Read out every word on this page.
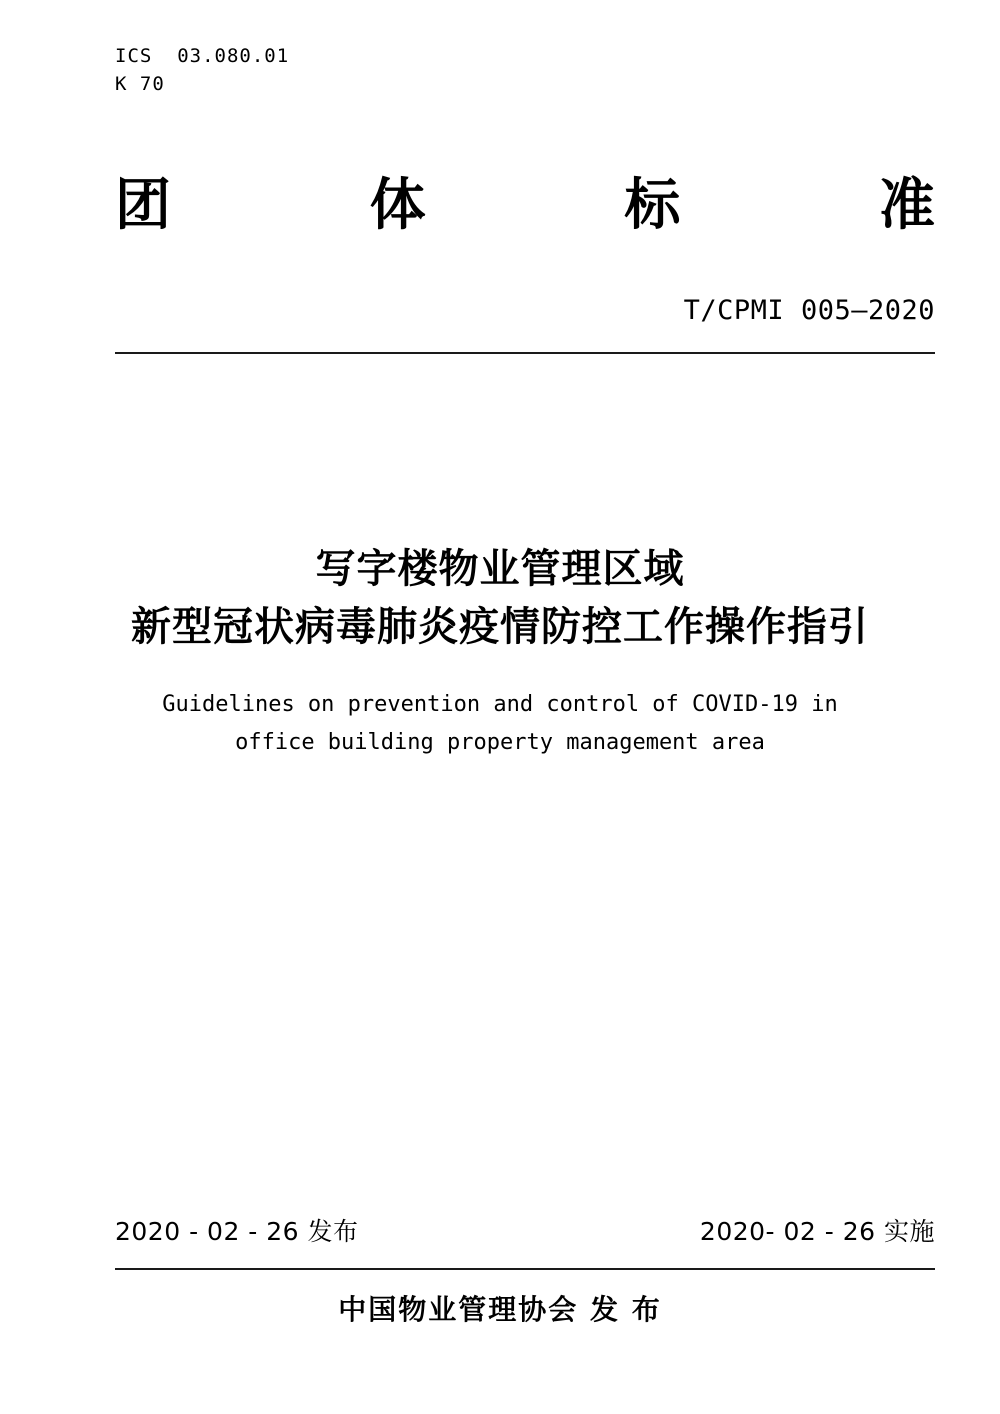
ICS  03.080.01
K 70
团	体	标	准
T/CPMI 005—2020
写字楼物业管理区域
新型冠状病毒肺炎疫情防控工作操作指引
Guidelines on prevention and control of COVID-19 in
office building property management area
2020 - 02 - 26 发布	2020- 02 - 26 实施
中国物业管理协会 发 布
